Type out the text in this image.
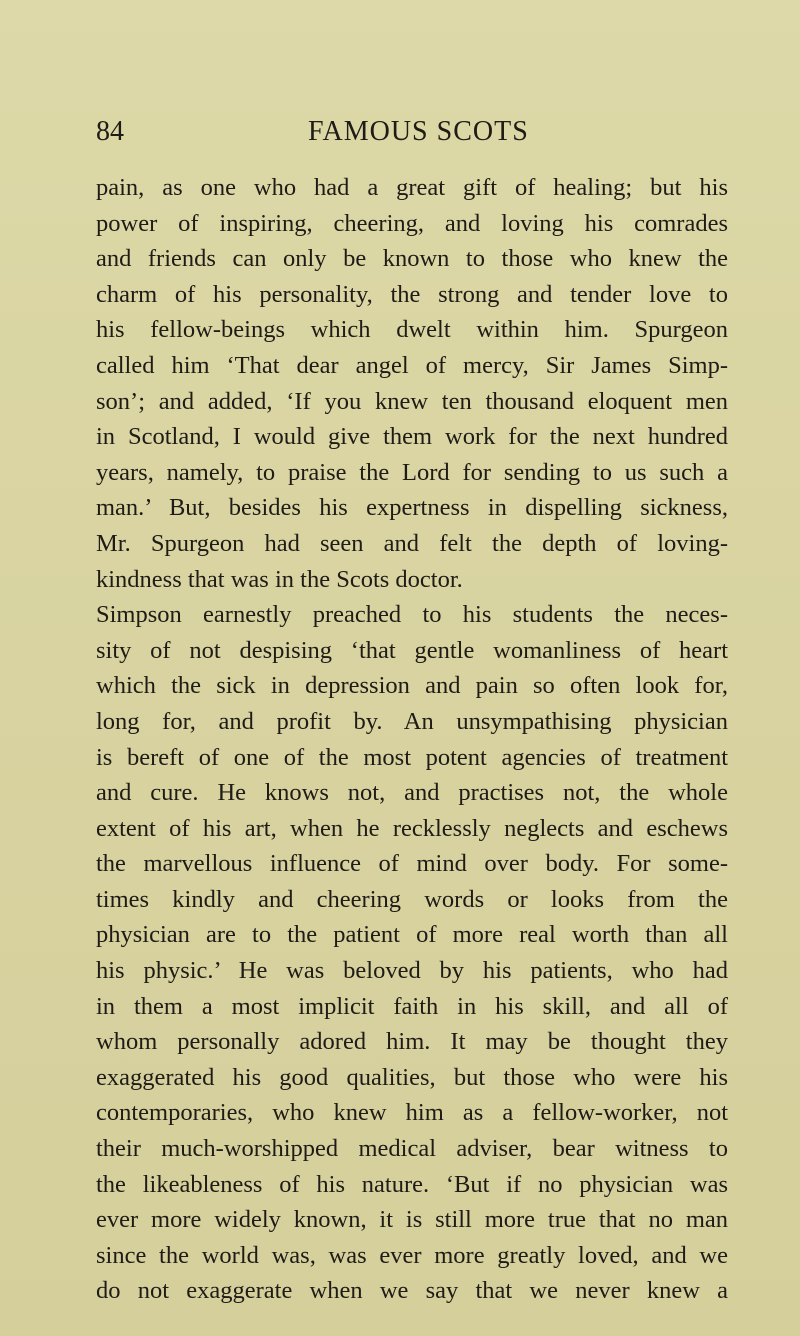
84	FAMOUS SCOTS
pain, as one who had a great gift of healing; but his
power of inspiring, cheering, and loving his comrades
and friends can only be known to those who knew the
charm of his personality, the strong and tender love to
his fellow-beings which dwelt within him. Spurgeon
called him ‘That dear angel of mercy, Sir James Simp-
son’; and added, ‘If you knew ten thousand eloquent men
in Scotland, I would give them work for the next hundred
years, namely, to praise the Lord for sending to us such a
man.’ But, besides his expertness in dispelling sickness,
Mr. Spurgeon had seen and felt the depth of loving-
kindness that was in the Scots doctor.
Simpson earnestly preached to his students the neces-
sity of not despising ‘that gentle womanliness of heart
which the sick in depression and pain so often look for,
long for, and profit by. An unsympathising physician
is bereft of one of the most potent agencies of treatment
and cure. He knows not, and practises not, the whole
extent of his art, when he recklessly neglects and eschews
the marvellous influence of mind over body. For some-
times kindly and cheering words or looks from the
physician are to the patient of more real worth than all
his physic.’ He was beloved by his patients, who had
in them a most implicit faith in his skill, and all of
whom personally adored him. It may be thought they
exaggerated his good qualities, but those who were his
contemporaries, who knew him as a fellow-worker, not
their much-worshipped medical adviser, bear witness to
the likeableness of his nature. ‘But if no physician was
ever more widely known, it is still more true that no man
since the world was, was ever more greatly loved, and we
do not exaggerate when we say that we never knew a
